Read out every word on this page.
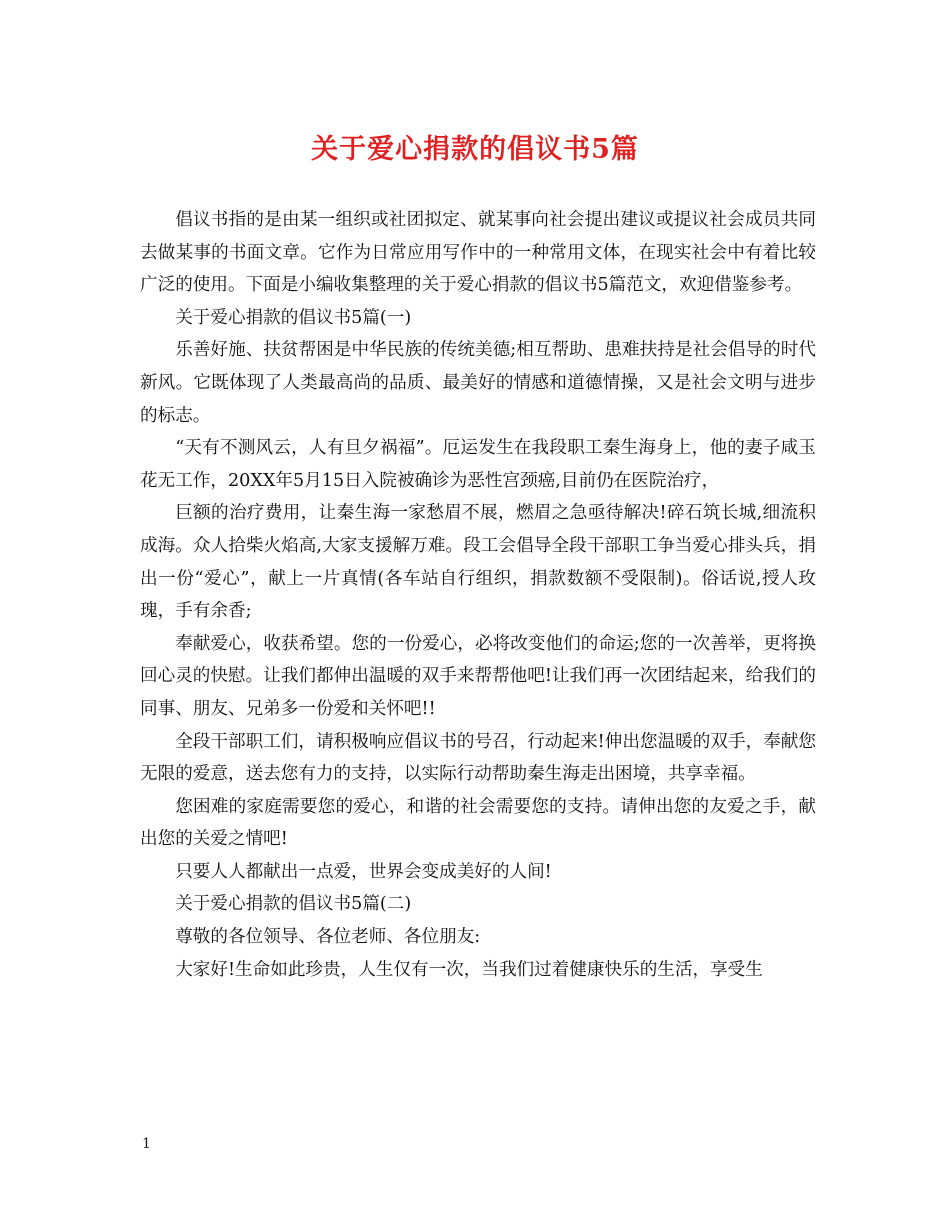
关于爱心捐款的倡议书5篇

倡议书指的是由某一组织或社团拟定、就某事向社会提出建议或提议社会成员共同去做某事的书面文章。它作为日常应用写作中的一种常用文体，在现实社会中有着比较广泛的使用。下面是小编收集整理的关于爱心捐款的倡议书5篇范文，欢迎借鉴参考。

关于爱心捐款的倡议书5篇(一)

乐善好施、扶贫帮困是中华民族的传统美德;相互帮助、患难扶持是社会倡导的时代新风。它既体现了人类最高尚的品质、最美好的情感和道德情操，又是社会文明与进步的标志。

“天有不测风云，人有旦夕祸福”。厄运发生在我段职工秦生海身上，他的妻子咸玉花无工作，20XX年5月15日入院被确诊为恶性宫颈癌,目前仍在医院治疗，

巨额的治疗费用，让秦生海一家愁眉不展，燃眉之急亟待解决!碎石筑长城,细流积成海。众人拾柴火焰高,大家支援解万难。段工会倡导全段干部职工争当爱心排头兵，捐出一份“爱心”，献上一片真情(各车站自行组织，捐款数额不受限制)。俗话说,授人玫瑰，手有余香;

奉献爱心，收获希望。您的一份爱心，必将改变他们的命运;您的一次善举，更将换回心灵的快慰。让我们都伸出温暖的双手来帮帮他吧!让我们再一次团结起来，给我们的同事、朋友、兄弟多一份爱和关怀吧!!

全段干部职工们，请积极响应倡议书的号召，行动起来!伸出您温暖的双手，奉献您无限的爱意，送去您有力的支持，以实际行动帮助秦生海走出困境，共享幸福。

您困难的家庭需要您的爱心，和谐的社会需要您的支持。请伸出您的友爱之手，献出您的关爱之情吧!

只要人人都献出一点爱，世界会变成美好的人间!

关于爱心捐款的倡议书5篇(二)

尊敬的各位领导、各位老师、各位朋友:

大家好!生命如此珍贵，人生仅有一次，当我们过着健康快乐的生活，享受生

1
